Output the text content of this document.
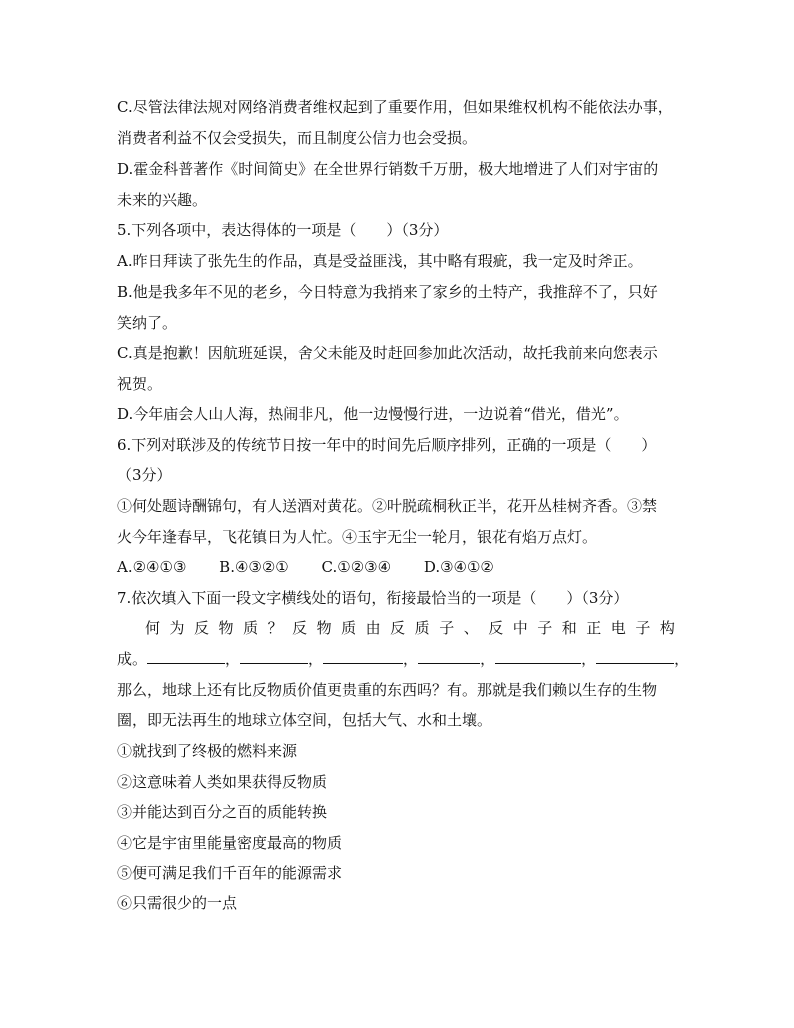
C.尽管法律法规对网络消费者维权起到了重要作用，但如果维权机构不能依法办事，
消费者利益不仅会受损失，而且制度公信力也会受损。
D.霍金科普著作《时间简史》在全世界行销数千万册，极大地增进了人们对宇宙的
未来的兴趣。
5.下列各项中，表达得体的一项是（　　）（3分）
A.昨日拜读了张先生的作品，真是受益匪浅，其中略有瑕疵，我一定及时斧正。
B.他是我多年不见的老乡，今日特意为我捎来了家乡的土特产，我推辞不了，只好
笑纳了。
C.真是抱歉！因航班延误，舍父未能及时赶回参加此次活动，故托我前来向您表示
祝贺。
D.今年庙会人山人海，热闹非凡，他一边慢慢行进，一边说着“借光，借光”。
6.下列对联涉及的传统节日按一年中的时间先后顺序排列，正确的一项是（　　）
（3分）
①何处题诗酬锦句，有人送酒对黄花。②叶脱疏桐秋正半，花开丛桂树齐香。③禁
火今年逢春早，飞花镇日为人忙。④玉宇无尘一轮月，银花有焰万点灯。
A.②④①③ B.④③②① C.①②③④ D.③④①②
7.依次填入下面一段文字横线处的语句，衔接最恰当的一项是（　　）（3分）
何 为 反 物 质 ？ 反 物 质 由 反 质 子 、 反 中 子 和 正 电 子 构
成。	，	，	，	，	，	，
那么，地球上还有比反物质价值更贵重的东西吗？有。那就是我们赖以生存的生物
圈，即无法再生的地球立体空间，包括大气、水和土壤。
①就找到了终极的燃料来源
②这意味着人类如果获得反物质
③并能达到百分之百的质能转换
④它是宇宙里能量密度最高的物质
⑤便可满足我们千百年的能源需求
⑥只需很少的一点
